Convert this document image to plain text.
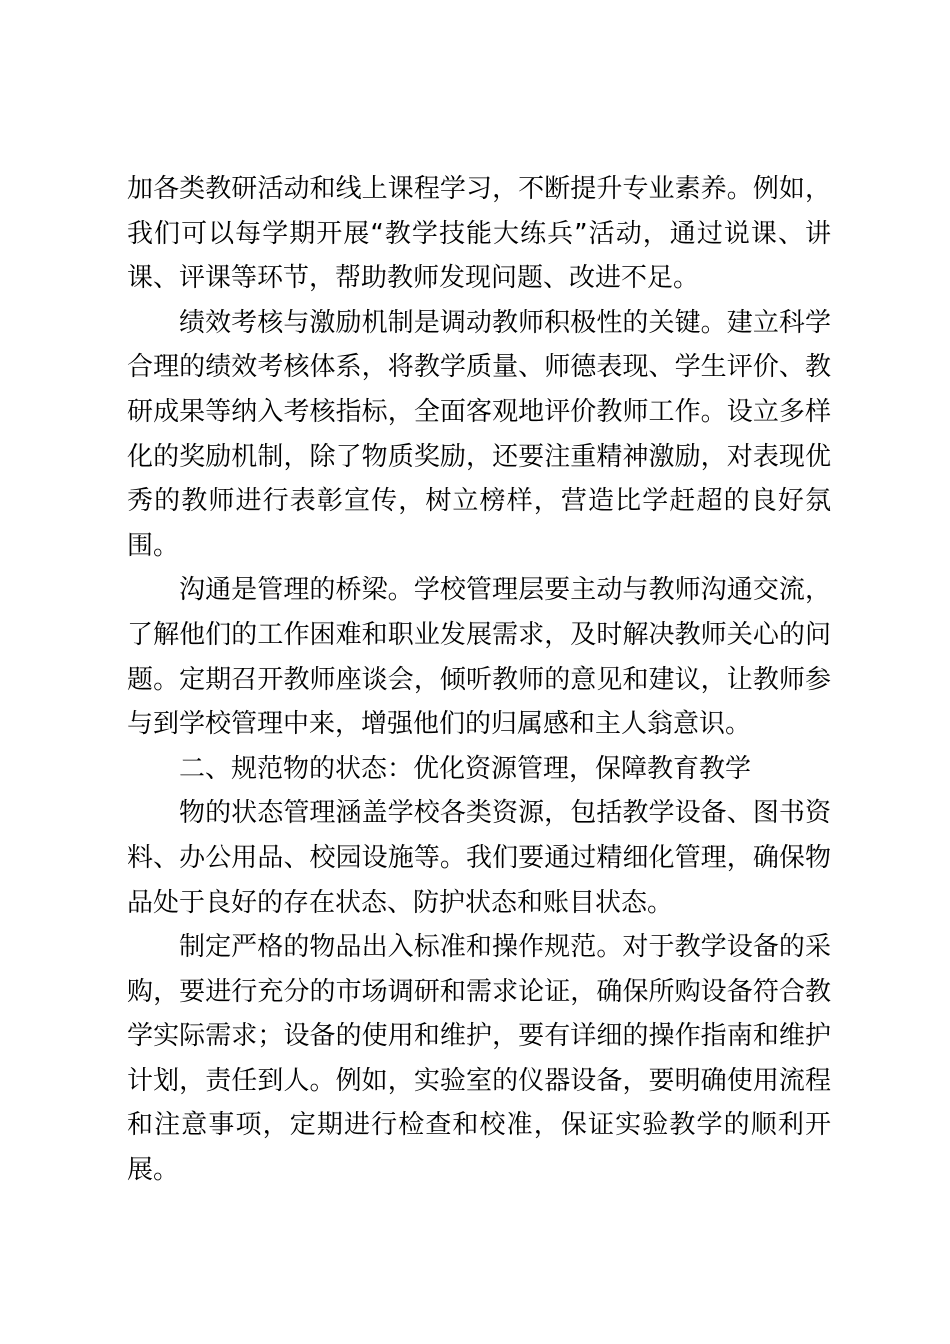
加各类教研活动和线上课程学习，不断提升专业素养。例如，我们可以每学期开展“教学技能大练兵”活动，通过说课、讲课、评课等环节，帮助教师发现问题、改进不足。

绩效考核与激励机制是调动教师积极性的关键。建立科学合理的绩效考核体系，将教学质量、师德表现、学生评价、教研成果等纳入考核指标，全面客观地评价教师工作。设立多样化的奖励机制，除了物质奖励，还要注重精神激励，对表现优秀的教师进行表彰宣传，树立榜样，营造比学赶超的良好氛围。

沟通是管理的桥梁。学校管理层要主动与教师沟通交流，了解他们的工作困难和职业发展需求，及时解决教师关心的问题。定期召开教师座谈会，倾听教师的意见和建议，让教师参与到学校管理中来，增强他们的归属感和主人翁意识。

二、规范物的状态：优化资源管理，保障教育教学

物的状态管理涵盖学校各类资源，包括教学设备、图书资料、办公用品、校园设施等。我们要通过精细化管理，确保物品处于良好的存在状态、防护状态和账目状态。

制定严格的物品出入标准和操作规范。对于教学设备的采购，要进行充分的市场调研和需求论证，确保所购设备符合教学实际需求；设备的使用和维护，要有详细的操作指南和维护计划，责任到人。例如，实验室的仪器设备，要明确使用流程和注意事项，定期进行检查和校准，保证实验教学的顺利开展。
